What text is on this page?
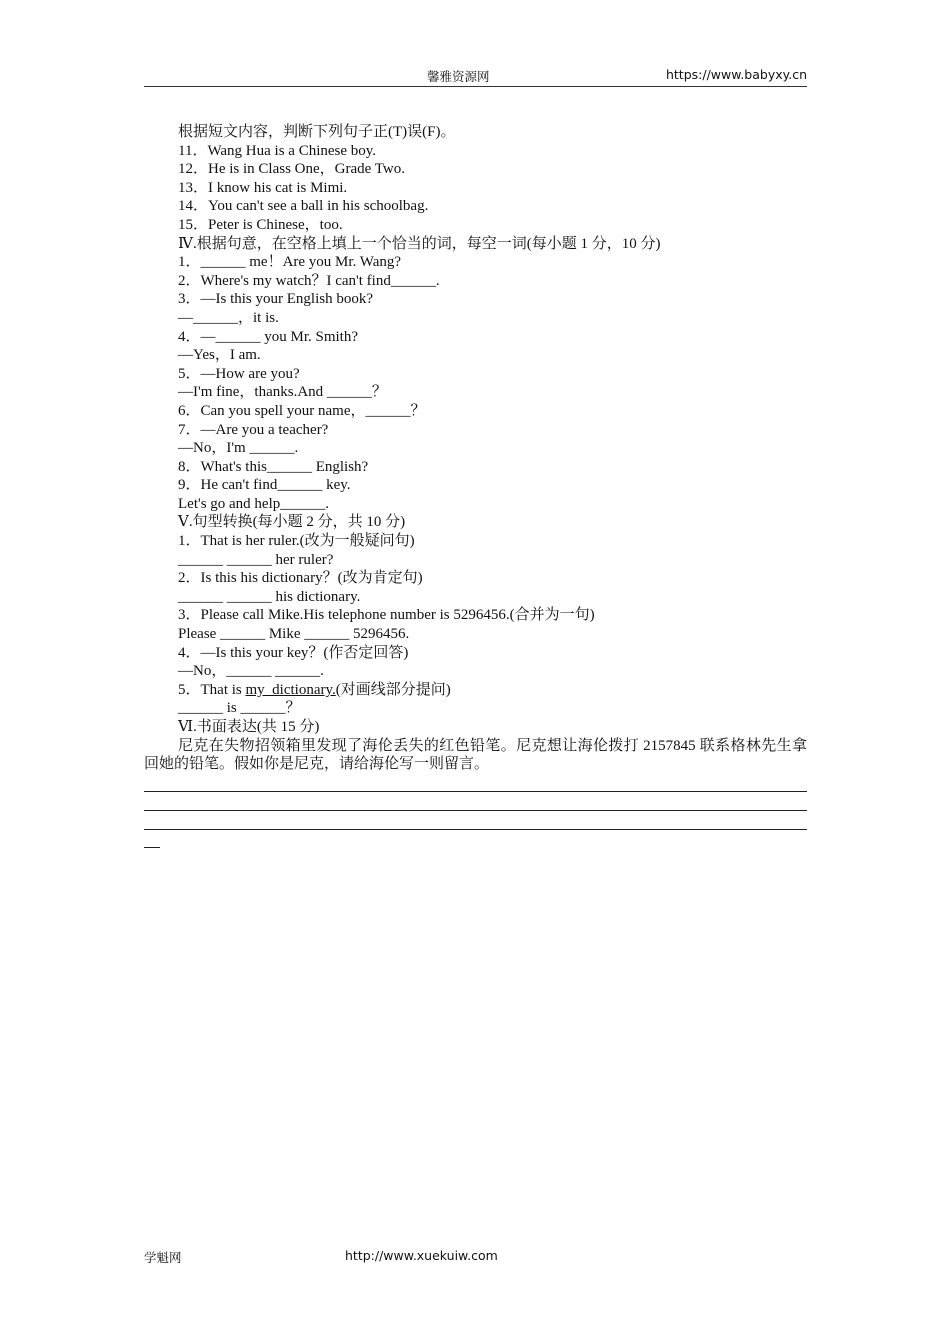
馨雅资源网	https://www.babyxy.cn
根据短文内容，判断下列句子正(T)误(F)。
11．Wang Hua is a Chinese boy.
12．He is in Class One，Grade Two.
13．I know his cat is Mimi.
14．You can't see a ball in his schoolbag.
15．Peter is Chinese，too.
Ⅳ.根据句意，在空格上填上一个恰当的词，每空一词(每小题 1 分，10 分)
1．______ me！Are you Mr. Wang?
2．Where's my watch？I can't find______.
3．—Is this your English book?
—______，it is.
4．—______ you Mr. Smith?
—Yes，I am.
5．—How are you?
—I'm fine，thanks.And ______？
6．Can you spell your name，______？
7．—Are you a teacher?
—No，I'm ______.
8．What's this______ English?
9．He can't find______ key.
Let's go and help______.
Ⅴ.句型转换(每小题 2 分，共 10 分)
1．That is her ruler.(改为一般疑问句)
______ ______ her ruler?
2．Is this his dictionary？(改为肯定句)
______ ______ his dictionary.
3．Please call Mike.His telephone number is 5296456.(合并为一句)
Please ______ Mike ______ 5296456.
4．—Is this your key？(作否定回答)
—No，______ ______.
5．That is my  dictionary.(对画线部分提问)
______ is ______？
Ⅵ.书面表达(共 15 分)
尼克在失物招领箱里发现了海伦丢失的红色铅笔。尼克想让海伦拨打 2157845 联系格林先生拿回她的铅笔。假如你是尼克，请给海伦写一则留言。
学魁网	http://www.xuekuiw.com
